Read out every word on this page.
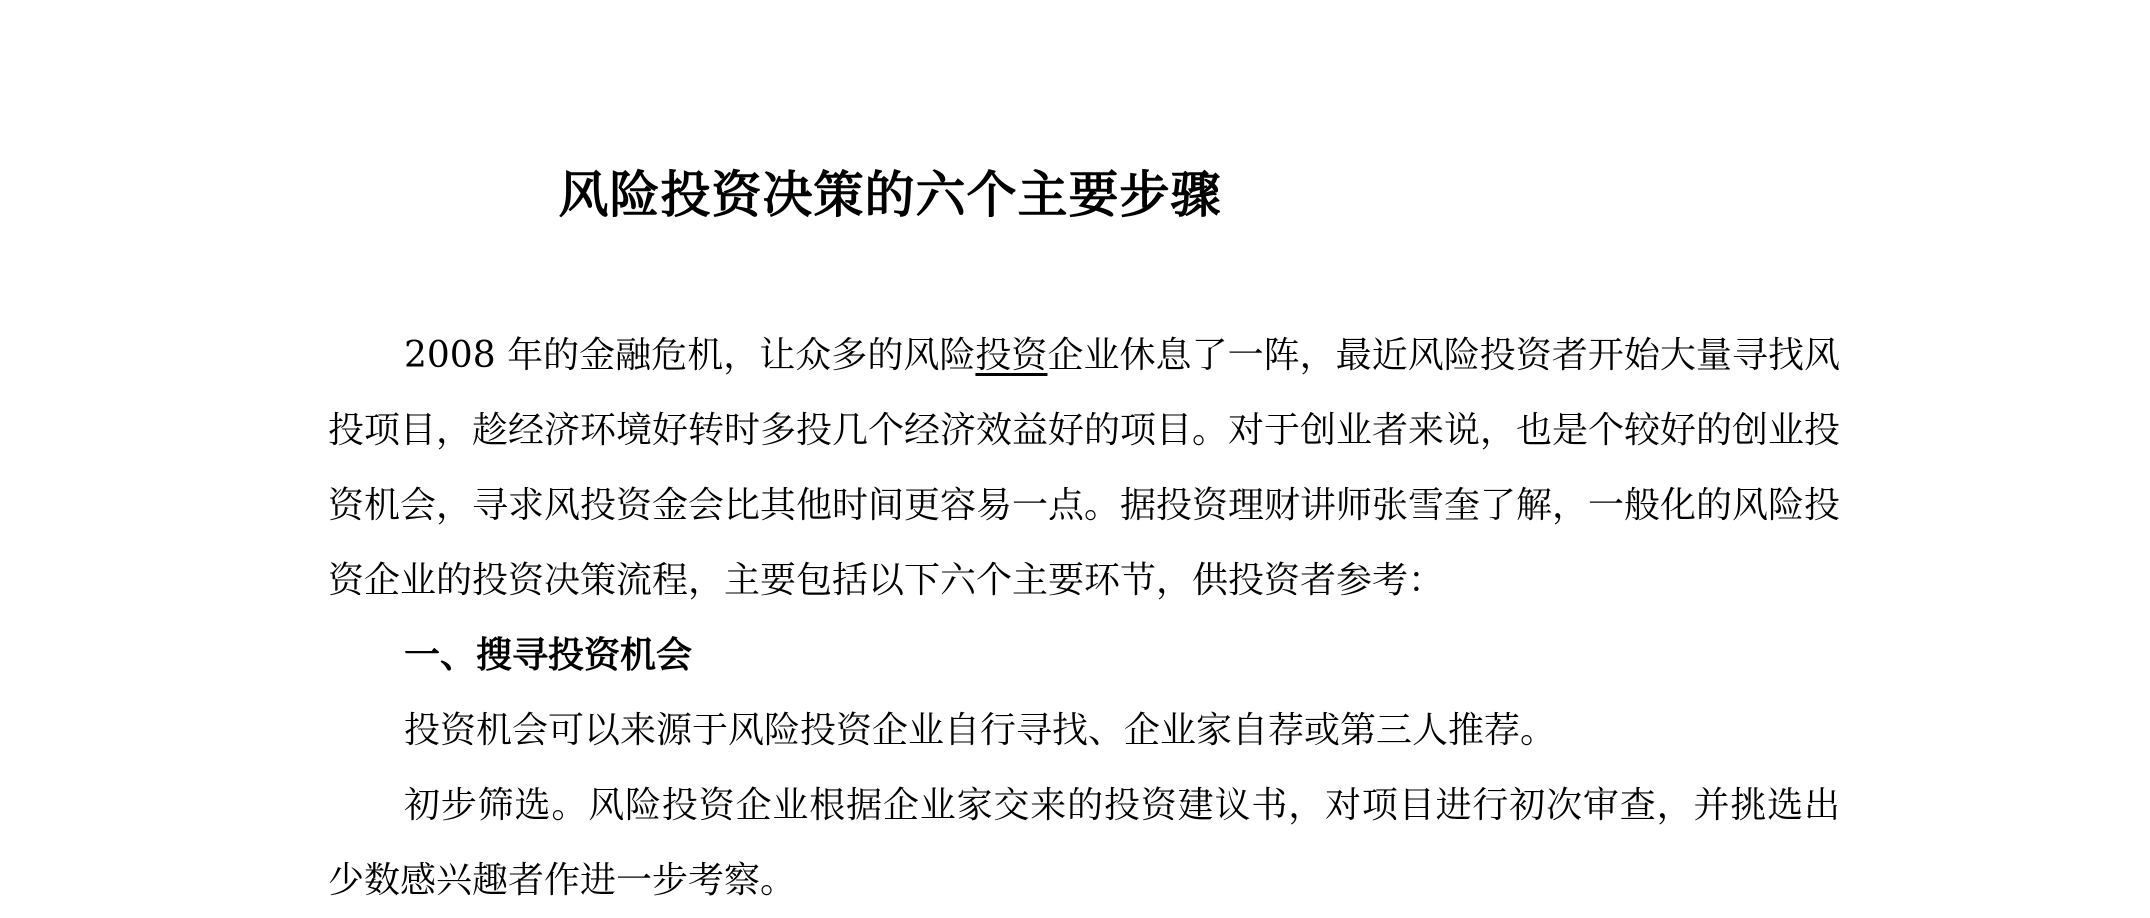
风险投资决策的六个主要步骤

2008 年的金融危机，让众多的风险投资企业休息了一阵，最近风险投资者开始大量寻找风投项目，趁经济环境好转时多投几个经济效益好的项目。对于创业者来说，也是个较好的创业投资机会，寻求风投资金会比其他时间更容易一点。据投资理财讲师张雪奎了解，一般化的风险投资企业的投资决策流程，主要包括以下六个主要环节，供投资者参考：

一、搜寻投资机会

投资机会可以来源于风险投资企业自行寻找、企业家自荐或第三人推荐。

初步筛选。风险投资企业根据企业家交来的投资建议书，对项目进行初次审查，并挑选出少数感兴趣者作进一步考察。
